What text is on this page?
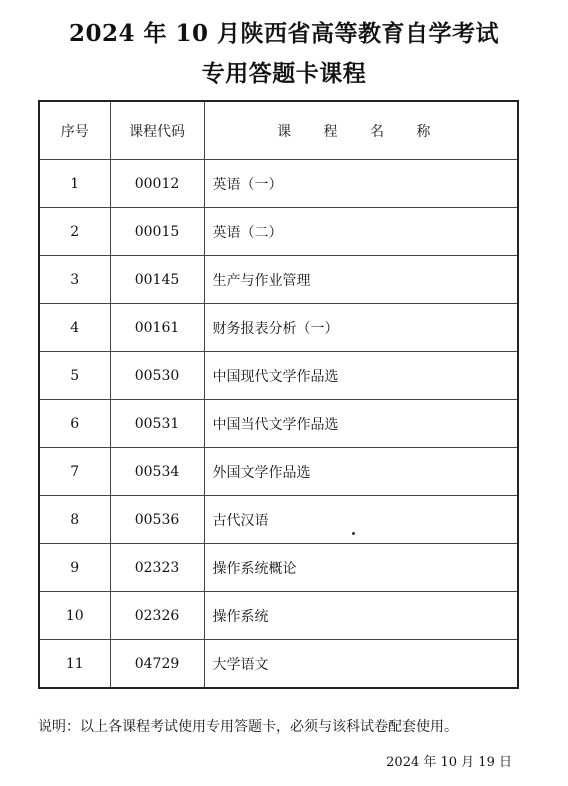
2024 年 10 月陕西省高等教育自学考试
专用答题卡课程
序号	课程代码	课 程 名 称
1	00012	英语（一）
2	00015	英语（二）
3	00145	生产与作业管理
4	00161	财务报表分析（一）
5	00530	中国现代文学作品选
6	00531	中国当代文学作品选
7	00534	外国文学作品选
8	00536	古代汉语
9	02323	操作系统概论
10	02326	操作系统
11	04729	大学语文
说明：以上各课程考试使用专用答题卡，必须与该科试卷配套使用。
2024 年 10 月 19 日
